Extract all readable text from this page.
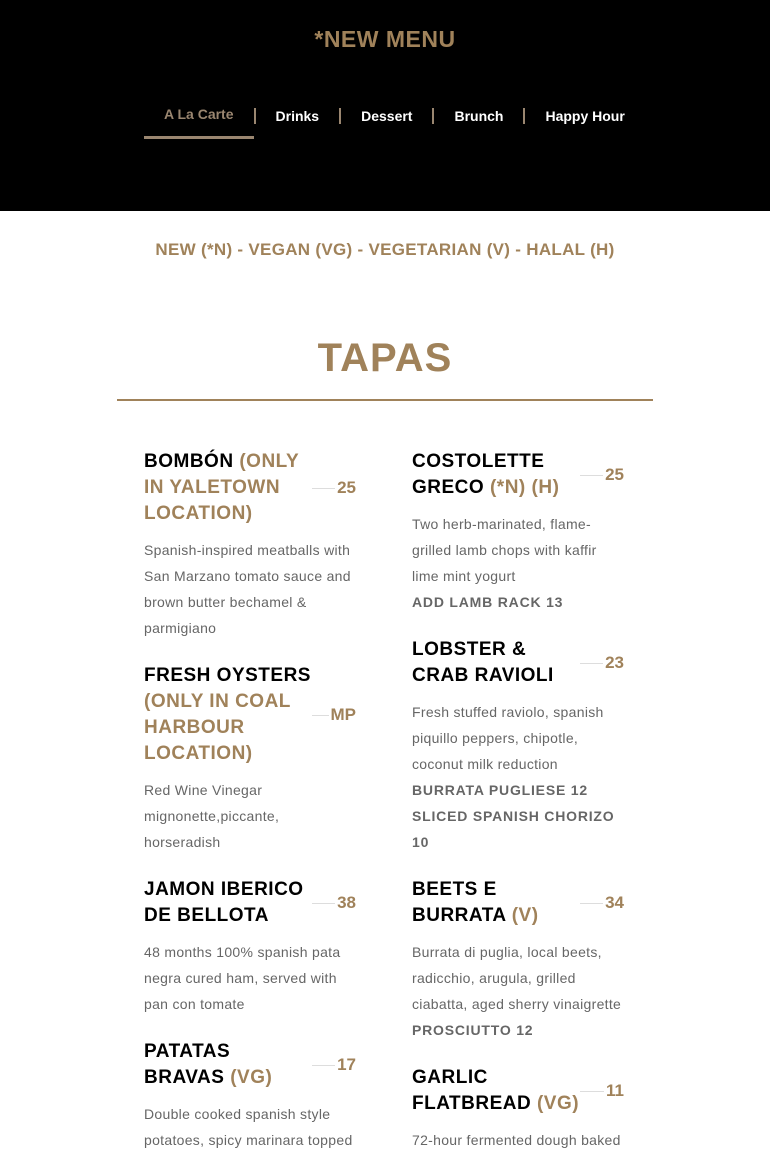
*NEW MENU
A La Carte	Drinks	Dessert	Brunch	Happy Hour
NEW (*N) - VEGAN (VG) - VEGETARIAN (V) - HALAL (H)
TAPAS
BOMBÓN (ONLY IN YALETOWN LOCATION)
25
Spanish-inspired meatballs with San Marzano tomato sauce and brown butter bechamel & parmigiano
FRESH OYSTERS (ONLY IN COAL HARBOUR LOCATION)
MP
Red Wine Vinegar mignonette,piccante, horseradish
JAMON IBERICO DE BELLOTA
38
48 months 100% spanish pata negra cured ham, served with pan con tomate
PATATAS BRAVAS (VG)
17
Double cooked spanish style potatoes, spicy marinara topped
COSTOLETTE GRECO (*N) (H)
25
Two herb-marinated, flame-grilled lamb chops with kaffir lime mint yogurt
ADD LAMB RACK 13
LOBSTER & CRAB RAVIOLI
23
Fresh stuffed raviolo, spanish piquillo peppers, chipotle, coconut milk reduction
BURRATA PUGLIESE 12
SLICED SPANISH CHORIZO 10
BEETS E BURRATA (V)
34
Burrata di puglia, local beets, radicchio, arugula, grilled ciabatta, aged sherry vinaigrette
PROSCIUTTO 12
GARLIC FLATBREAD (VG)
11
72-hour fermented dough baked
